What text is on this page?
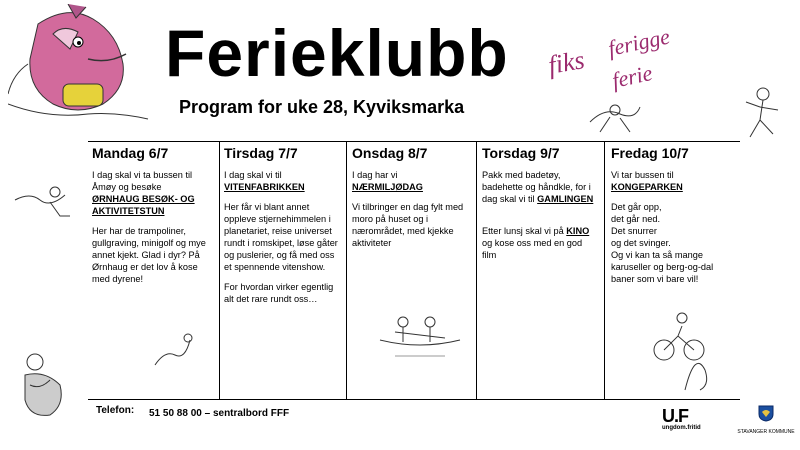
fiks
ferigge
ferie
Ferieklubb
Program for uke 28, Kyviksmarka
Mandag 6/7

I dag skal vi ta bussen til Åmøy og besøke ØRNHAUG BESØK- OG AKTIVITETSTUN

Her har de trampoliner, gullgraving, minigolf og mye annet kjekt. Glad i dyr? På Ørnhaug er det lov å kose med dyrene!

Tirsdag 7/7

I dag skal vi til VITENFABRIKKEN

Her får vi blant annet oppleve stjernehimmelen i planetariet, reise universet rundt i romskipet, løse gåter og puslerier, og få med oss et spennende vitenshow.

For hvordan virker egentlig alt det rare rundt oss…

Onsdag 8/7

I dag har vi NÆRMILJØDAG

Vi tilbringer en dag fylt med moro på huset og i nærområdet, med kjekke aktiviteter

Torsdag 9/7

Pakk med badetøy, badehette og håndkle, for i dag skal vi til GAMLINGEN

Etter lunsj skal vi på KINO og kose oss med en god film

Fredag 10/7

Vi tar bussen til KONGEPARKEN

Det går opp,

det går ned.

Det snurrer

og det svinger.

Og vi kan ta så mange karuseller og berg-og-dal baner som vi bare vil!

Telefon: 51 50 88 00 – sentralbord FFF	U.F
ungdom.fritid
STAVANGER KOMMUNE
